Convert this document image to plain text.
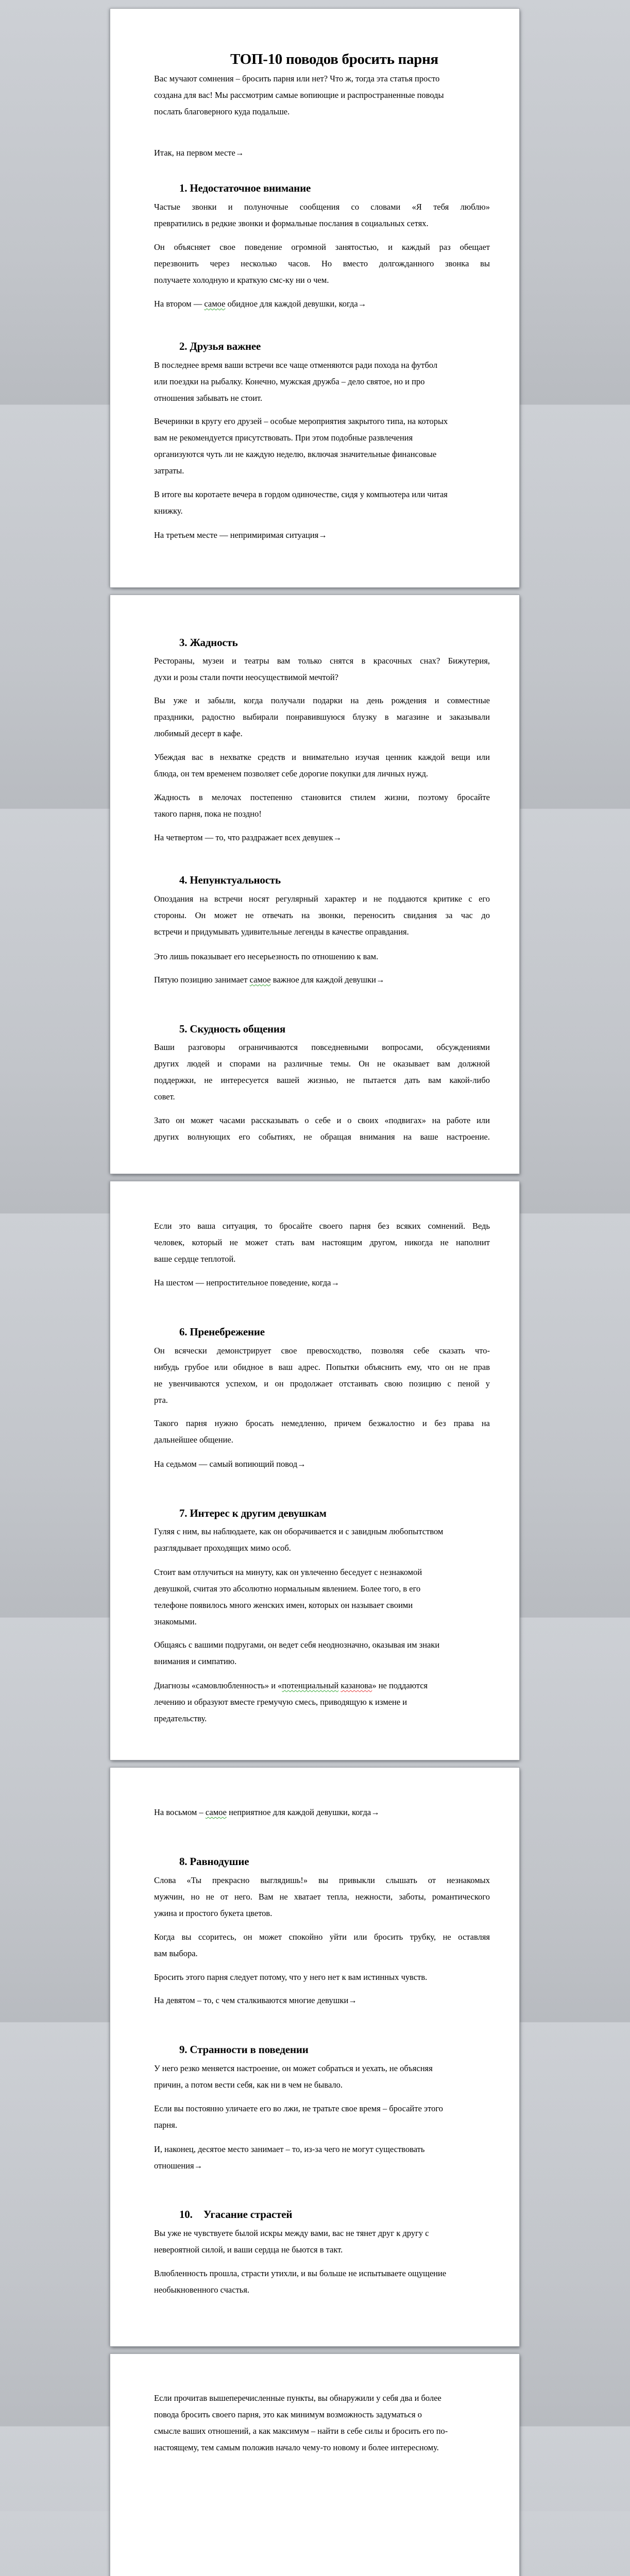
ТОП-10 поводов бросить парня
Вас мучают сомнения – бросить парня или нет? Что ж, тогда эта статья просто
создана для вас! Мы рассмотрим самые вопиющие и распространенные поводы
послать благоверного куда подальше.
Итак, на первом месте→
1. Недостаточное внимание
Частые звонки и полуночные сообщения со словами «Я тебя люблю»
превратились в редкие звонки и формальные послания в социальных сетях.
Он объясняет свое поведение огромной занятостью, и каждый раз обещает
перезвонить через несколько часов. Но вместо долгожданного звонка вы
получаете холодную и краткую смс-ку ни о чем.
На втором — самое обидное для каждой девушки, когда→
2. Друзья важнее
В последнее время ваши встречи все чаще отменяются ради похода на футбол
или поездки на рыбалку. Конечно, мужская дружба – дело святое, но и про
отношения забывать не стоит.
Вечеринки в кругу его друзей – особые мероприятия закрытого типа, на которых
вам не рекомендуется присутствовать. При этом подобные развлечения
организуются чуть ли не каждую неделю, включая значительные финансовые
затраты.
В итоге вы коротаете вечера в гордом одиночестве, сидя у компьютера или читая
книжку.
На третьем месте — непримиримая ситуация→
3. Жадность
Рестораны, музеи и театры вам только снятся в красочных снах? Бижутерия,
духи и розы стали почти неосуществимой мечтой?
Вы уже и забыли, когда получали подарки на день рождения и совместные
праздники, радостно выбирали понравившуюся блузку в магазине и заказывали
любимый десерт в кафе.
Убеждая вас в нехватке средств и внимательно изучая ценник каждой вещи или
блюда, он тем временем позволяет себе дорогие покупки для личных нужд.
Жадность в мелочах постепенно становится стилем жизни, поэтому бросайте
такого парня, пока не поздно!
На четвертом — то, что раздражает всех девушек→
4. Непунктуальность
Опоздания на встречи носят регулярный характер и не поддаются критике с его
стороны. Он может не отвечать на звонки, переносить свидания за час до
встречи и придумывать удивительные легенды в качестве оправдания.
Это лишь показывает его несерьезность по отношению к вам.
Пятую позицию занимает самое важное для каждой девушки→
5. Скудность общения
Ваши разговоры ограничиваются повседневными вопросами, обсуждениями
других людей и спорами на различные темы. Он не оказывает вам должной
поддержки, не интересуется вашей жизнью, не пытается дать вам какой-либо
совет.
Зато он может часами рассказывать о себе и о своих «подвигах» на работе или
других волнующих его событиях, не обращая внимания на ваше настроение.
Если это ваша ситуация, то бросайте своего парня без всяких сомнений. Ведь
человек, который не может стать вам настоящим другом, никогда не наполнит
ваше сердце теплотой.
На шестом — непростительное поведение, когда→
6. Пренебрежение
Он всячески демонстрирует свое превосходство, позволяя себе сказать что-
нибудь грубое или обидное в ваш адрес. Попытки объяснить ему, что он не прав
не увенчиваются успехом, и он продолжает отстаивать свою позицию с пеной у
рта.
Такого парня нужно бросать немедленно, причем безжалостно и без права на
дальнейшее общение.
На седьмом — самый вопиющий повод→
7. Интерес к другим девушкам
Гуляя с ним, вы наблюдаете, как он оборачивается и с завидным любопытством
разглядывает проходящих мимо особ.
Стоит вам отлучиться на минуту, как он увлеченно беседует с незнакомой
девушкой, считая это абсолютно нормальным явлением. Более того, в его
телефоне появилось много женских имен, которых он называет своими
знакомыми.
Общаясь с вашими подругами, он ведет себя неоднозначно, оказывая им знаки
внимания и симпатию.
Диагнозы «самовлюбленность» и «потенциальный казанова» не поддаются
лечению и образуют вместе гремучую смесь, приводящую к измене и
предательству.
На восьмом – самое неприятное для каждой девушки, когда→
8. Равнодушие
Слова «Ты прекрасно выглядишь!» вы привыкли слышать от незнакомых
мужчин, но не от него. Вам не хватает тепла, нежности, заботы, романтического
ужина и простого букета цветов.
Когда вы ссоритесь, он может спокойно уйти или бросить трубку, не оставляя
вам выбора.
Бросить этого парня следует потому, что у него нет к вам истинных чувств.
На девятом – то, с чем сталкиваются многие девушки→
9. Странности в поведении
У него резко меняется настроение, он может собраться и уехать, не объясняя
причин, а потом вести себя, как ни в чем не бывало.
Если вы постоянно уличаете его во лжи, не тратьте свое время – бросайте этого
парня.
И, наконец, десятое место занимает – то, из-за чего не могут существовать
отношения→
10. Угасание страстей
Вы уже не чувствуете былой искры между вами, вас не тянет друг к другу с
невероятной силой, и ваши сердца не бьются в такт.
Влюбленность прошла, страсти утихли, и вы больше не испытываете ощущение
необыкновенного счастья.
Если прочитав вышеперечисленные пункты, вы обнаружили у себя два и более
повода бросить своего парня, это как минимум возможность задуматься о
смысле ваших отношений, а как максимум – найти в себе силы и бросить его по-
настоящему, тем самым положив начало чему-то новому и более интересному.
